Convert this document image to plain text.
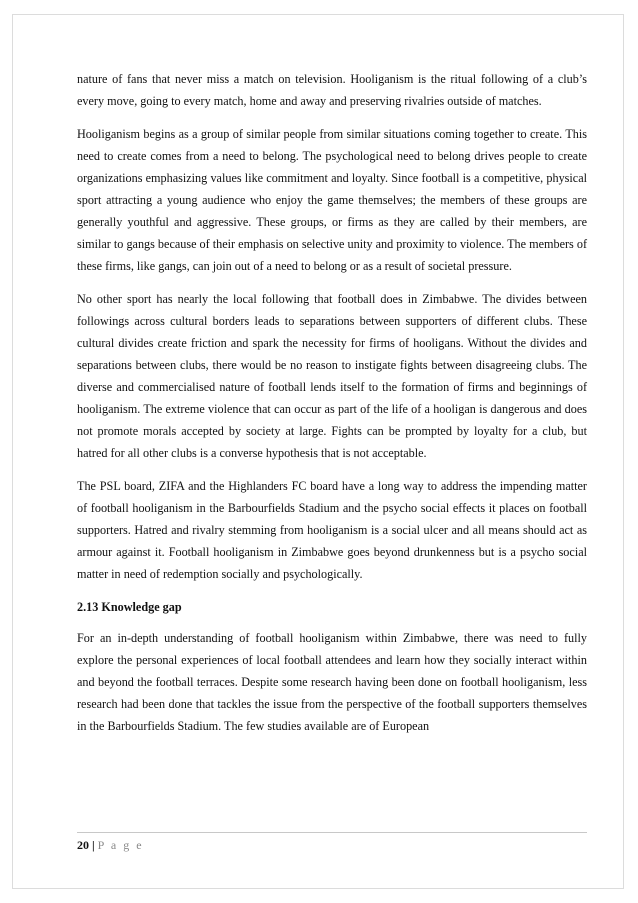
nature of fans that never miss a match on television. Hooliganism is the ritual following of a club’s every move, going to every match, home and away and preserving rivalries outside of matches.

Hooliganism begins as a group of similar people from similar situations coming together to create. This need to create comes from a need to belong. The psychological need to belong drives people to create organizations emphasizing values like commitment and loyalty. Since football is a competitive, physical sport attracting a young audience who enjoy the game themselves; the members of these groups are generally youthful and aggressive. These groups, or firms as they are called by their members, are similar to gangs because of their emphasis on selective unity and proximity to violence. The members of these firms, like gangs, can join out of a need to belong or as a result of societal pressure.

No other sport has nearly the local following that football does in Zimbabwe. The divides between followings across cultural borders leads to separations between supporters of different clubs. These cultural divides create friction and spark the necessity for firms of hooligans. Without the divides and separations between clubs, there would be no reason to instigate fights between disagreeing clubs. The diverse and commercialised nature of football lends itself to the formation of firms and beginnings of hooliganism. The extreme violence that can occur as part of the life of a hooligan is dangerous and does not promote morals accepted by society at large. Fights can be prompted by loyalty for a club, but hatred for all other clubs is a converse hypothesis that is not acceptable.

The PSL board, ZIFA and the Highlanders FC board have a long way to address the impending matter of football hooliganism in the Barbourfields Stadium and the psycho social effects it places on football supporters. Hatred and rivalry stemming from hooliganism is a social ulcer and all means should act as armour against it. Football hooliganism in Zimbabwe goes beyond drunkenness but is a psycho social matter in need of redemption socially and psychologically.

2.13 Knowledge gap

For an in-depth understanding of football hooliganism within Zimbabwe, there was need to fully explore the personal experiences of local football attendees and learn how they socially interact within and beyond the football terraces. Despite some research having been done on football hooliganism, less research had been done that tackles the issue from the perspective of the football supporters themselves in the Barbourfields Stadium. The few studies available are of European

20 | P a g e
